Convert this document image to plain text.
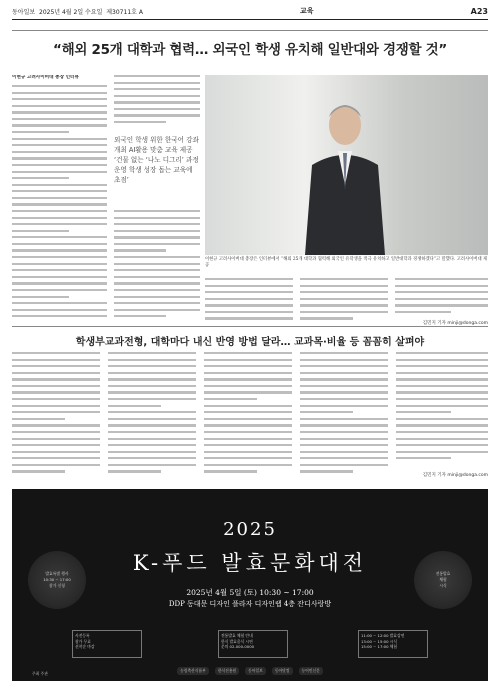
동아일보 2025년 4월 2일 수요일 제30711호 A	교육	A23
“해외 25개 대학과 협력… 외국인 학생 유치해 일반대와 경쟁할 것”
이현규 고려사이버대 총장 인터뷰
외국인 학생 위한 한국어 강좌 개최 AI활용 맞춤 교육 제공 ‘건물 없는 ‘나노 디그리’ 과정 운영 학생 성장 돕는 교육에 초점’
이현규 고려사이버대 총장은 인터뷰에서 “해외 25개 대학과 협력해 외국인 유학생을 적극 유치하고 일반대학과 경쟁하겠다”고 말했다. 고려사이버대 제공
김민지 기자 minji@donga.com
학생부교과전형, 대학마다 내신 반영 방법 달라… 교과목·비율 등 꼼꼼히 살펴야
김민지 기자 minji@donga.com
2025
K-푸드 발효문화대전
2025년 4월 5일 (토) 10:30 ~ 17:00
DDP 동대문 디자인 플라자 디자인랩 4층 잔디사랑방
발효특별 행사
10:30 ~ 17:00
참가 신청
전통발효
체험
시식
사전등록
참가 무료
선착순 마감
전통발효 체험 안내
한식 발효음식 시연
문의 02-000-0000
11:00 ~ 12:00 발효강연
13:00 ~ 15:00 시식
15:00 ~ 17:00 체험
주최 주관
농림축산식품부	한식진흥원	동아일보	동아닷컴	농어민신문
